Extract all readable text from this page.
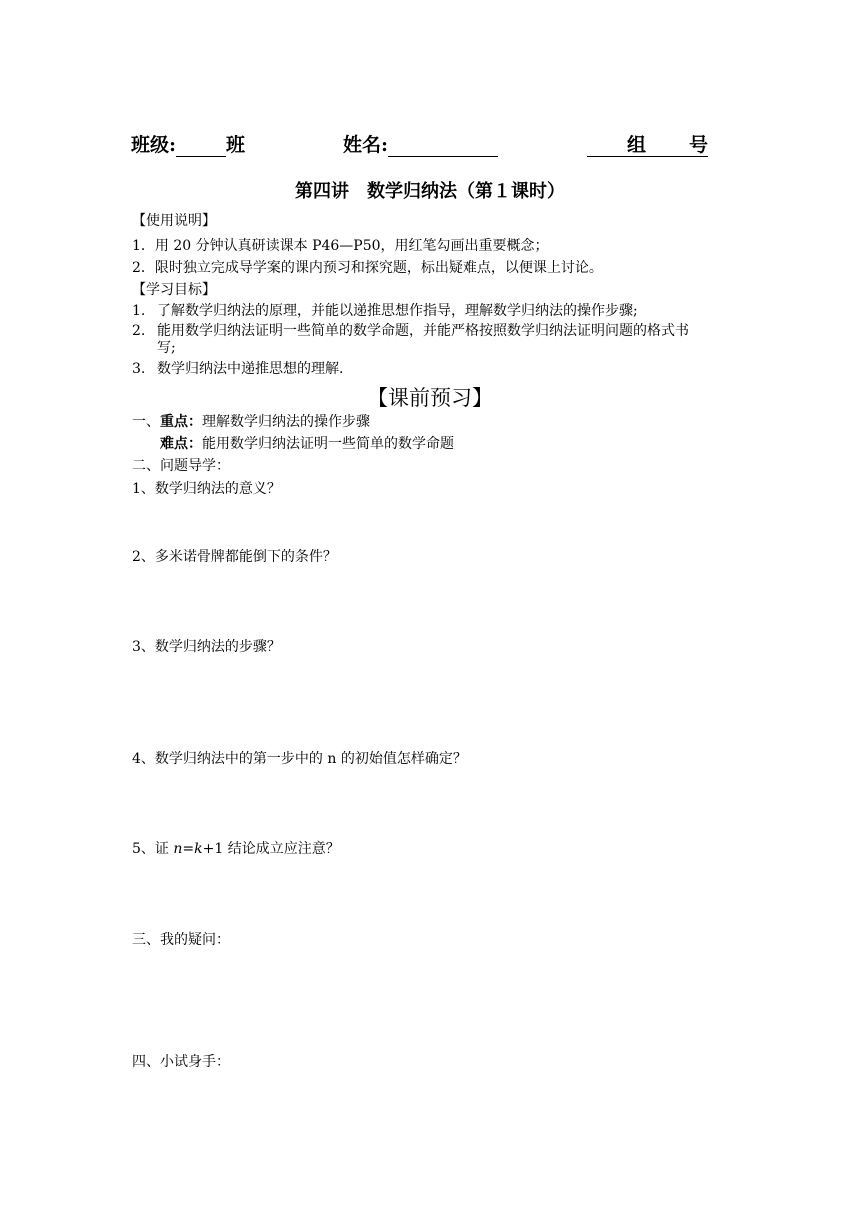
班级:	班	姓名:	组 号
第四讲　数学归纳法（第１课时）
【使用说明】
1．用 20 分钟认真研读课本 P46—P50，用红笔勾画出重要概念；
2．限时独立完成导学案的课内预习和探究题，标出疑难点，以便课上讨论。
【学习目标】
1. 了解数学归纳法的原理，并能以递推思想作指导，理解数学归纳法的操作步骤;
2. 能用数学归纳法证明一些简单的数学命题，并能严格按照数学归纳法证明问题的格式书
写;
3. 数学归纳法中递推思想的理解.
【课前预习】
一、重点：理解数学归纳法的操作步骤
难点：能用数学归纳法证明一些简单的数学命题
二、问题导学：
1、数学归纳法的意义？
2、多米诺骨牌都能倒下的条件？
3、数学归纳法的步骤？
4、数学归纳法中的第一步中的 n 的初始值怎样确定？
5、证 n=k+1 结论成立应注意？
三、我的疑问：
四、小试身手：
